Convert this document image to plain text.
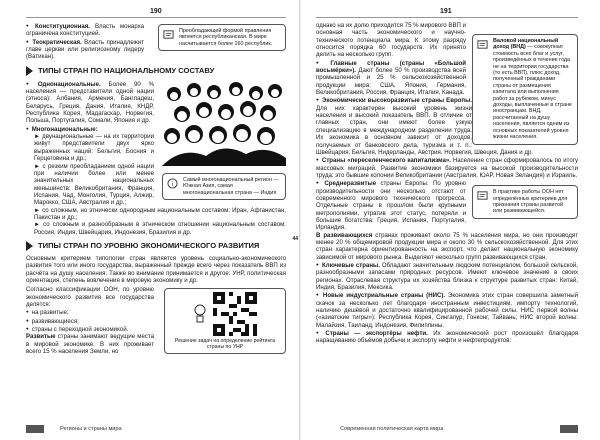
190

● Конституционная. Власть монарха ограничена конституцией.

● Теократическая. Власть принадлежит главе церкви или религиозному лидеру (Ватикан).

Преобладающей формой правления является республиканская. В мире насчитывается более 160 республик.
ТИПЫ СТРАН ПО НАЦИОНАЛЬНОМУ СОСТАВУ

● Однонациональные. Более 90 % населения — представители одной нации (этноса): Албания, Армения, Бангладеш, Беларусь, Греция, Дания, Италия, КНДР, Республика Корея, Мадагаскар, Норвегия, Польша, Португалия, Сомали, Япония и др.

● Многонациональные:

► двунациональные — на их территории живут представители двух ярко выраженных наций: Бельгия, Босния и Герцеговина и др.;

► с резким преобладанием одной нации при наличии более или менее значительных национальных меньшинств: Великобритания, Франция, Испания, Чад, Монголия, Турция, Алжир, Марокко, США, Австралия и др.;

i Самый многонациональный регион — Южная Азия, самая многонациональная страна — Индия

► со сложным, но этнически однородным национальным составом: Иран, Афганистан, Пакистан и др.;

► со сложным и разнообразным в этническом отношении национальным составом: Россия, Индия, Швейцария, Индонезия, Бразилия и др.

ТИПЫ СТРАН ПО УРОВНЮ ЭКОНОМИЧЕСКОГО РАЗВИТИЯ

Основным критерием типологии стран является уровень социально-экономического развития того или иного государства, выраженный прежде всего через показатель ВВП из расчёта на душу населения. Также во внимание принимается и другое: УНР, политическая ориентация, степень вовлечения в мировую экономику и др.

Согласно классификации ООН, по уровню экономического развития все государства делятся:

● на развитые;

● развивающиеся;

● страны с переходной экономикой.

Развитые страны занимают ведущие места в мировой экономике. В них проживает всего 15 % населения Земли, но

Решение задач на определение рейтинга страны по УНР
44
Регионы и страны мира
191

однако на их долю приходится 75 % мирового ВВП и основная часть экономического и научно-технического потенциала мира. К этому разряду относится порядка 60 государств. Их принято делить на несколько групп.

● Главные страны (страны «Большой восьмёрки»). Дают более 50 % производства всей промышленной и 25 % сельскохозяйственной продукции мира: США, Япония, Германия, Великобритания, Россия, Франция, Италия, Канада.

Валовой национальный доход (ВНД) — совокупная стоимость всех благ и услуг, произведённых в течение года не на территории государства (то есть ВВП), плюс доход, полученный гражданами страны от размещения капитала или выполнения работ за рубежом, минус доходы, выплаченные в стране иностранцам. ВНД, рассчитанный на душу населения, является одним из основных показателей уровня жизни населения.

● Экономически высокоразвитые страны Европы. Для них характерен высокий уровень жизни населения и высокий показатель ВВП. В отличие от главных стран, они имеют более узкую специализацию в международном разделении труда. Их экономика в основном зависит от доходов, получаемых от банковского дела, туризма и т. п.: Швейцария, Бельгия, Нидерланды, Австрия, Норвегия, Швеция, Дания и др.

● Страны «переселенческого капитализма». Население стран сформировалось по итогу массовых миграций. Развитие экономики базируется на высокой производительности труда: это бывшие колонии Великобритании (Австралия, ЮАР, Новая Зеландия) и Израиль.

● Среднеразвитые страны Европы. По уровню производительности они несколько отстают от современного мирового технического прогресса. Отдельные страны в прошлом были крупными метрополиями, утратив этот статус, потеряли и большие богатства: Греция, Испания, Португалия, Ирландия.

В практике работы ООН нет определённых критериев для признания страны развитой или развивающейся.

В развивающихся странах проживает около 75 % населения мира, но они производят менее 20 % общемировой продукции мира и около 30 % сельскохозяйственной. Для этих стран характерна ориентированность на экспорт, что делает национальную экономику зависимой от мирового рынка. Выделяют несколько групп развивающихся стран.

● Ключевые страны. Обладают значительным людским потенциалом, большой сельской, разнообразными запасами природных ресурсов. Имеют ключевое значение в своих регионах. Отраслевая структура их хозяйства близка к структуре развитых стран: Китай, Индия, Бразилия, Мексика.

● Новые индустриальные страны (НИС). Экономика этих стран совершила заметный скачок за несколько лет благодаря иностранным инвестициям, импорту технологий, наличию дешёвой и достаточно квалифицированной рабочей силы. НИС первой волны («азиатские тигры»): Республика Корея, Сингапур, Гонконг, Тайвань; НИС второй волны: Малайзия, Таиланд, Индонезия, Филиппины.

● Страны — экспортёры нефти. Их экономический рост произошёл благодаря наращиванию объёмов добычи и экспорту нефти и нефтепродуктов:

Современная политическая карта мира
